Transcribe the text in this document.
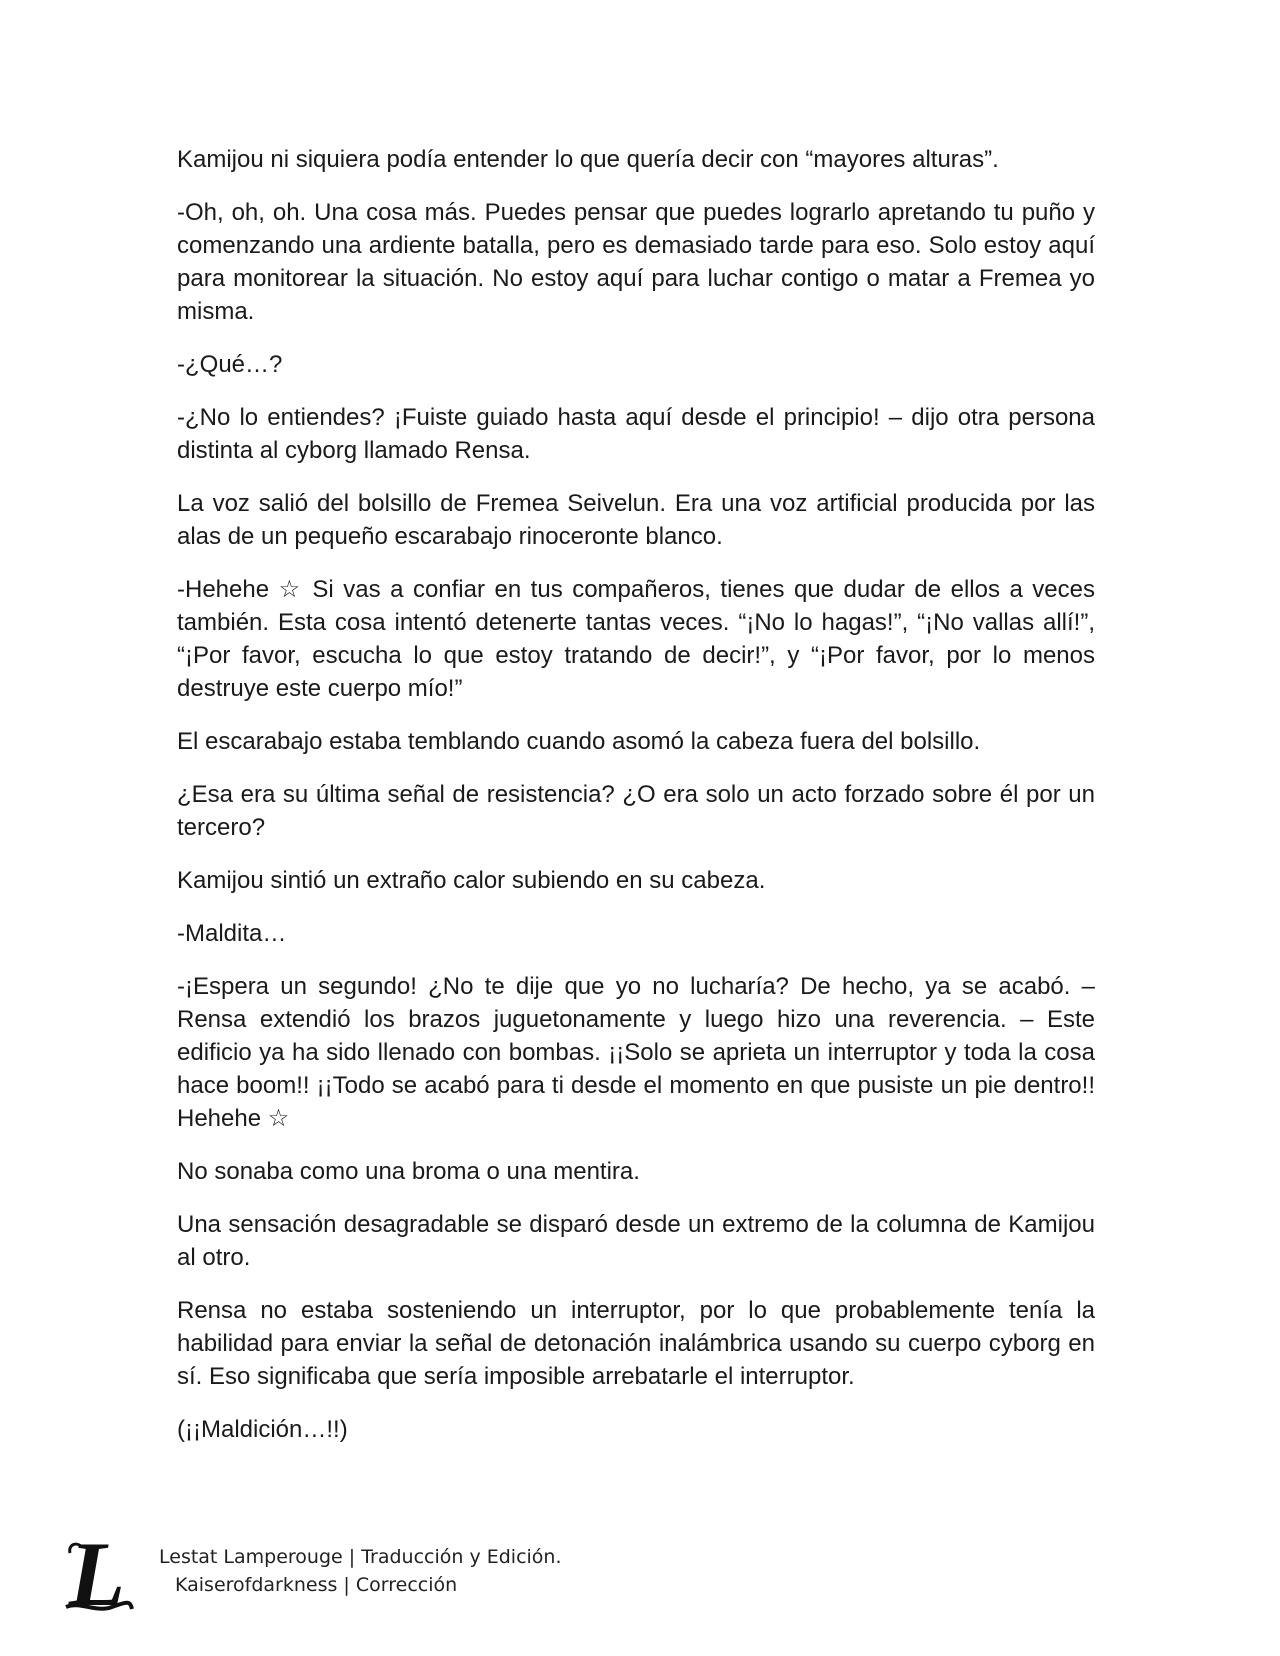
Kamijou ni siquiera podía entender lo que quería decir con “mayores alturas”.

-Oh, oh, oh. Una cosa más. Puedes pensar que puedes lograrlo apretando tu puño y comenzando una ardiente batalla, pero es demasiado tarde para eso. Solo estoy aquí para monitorear la situación. No estoy aquí para luchar contigo o matar a Fremea yo misma.

-¿Qué…?

-¿No lo entiendes? ¡Fuiste guiado hasta aquí desde el principio! – dijo otra persona distinta al cyborg llamado Rensa.

La voz salió del bolsillo de Fremea Seivelun. Era una voz artificial producida por las alas de un pequeño escarabajo rinoceronte blanco.

-Hehehe ☆ Si vas a confiar en tus compañeros, tienes que dudar de ellos a veces también. Esta cosa intentó detenerte tantas veces. “¡No lo hagas!”, “¡No vallas allí!”, “¡Por favor, escucha lo que estoy tratando de decir!”, y “¡Por favor, por lo menos destruye este cuerpo mío!”

El escarabajo estaba temblando cuando asomó la cabeza fuera del bolsillo.

¿Esa era su última señal de resistencia? ¿O era solo un acto forzado sobre él por un tercero?

Kamijou sintió un extraño calor subiendo en su cabeza.

-Maldita…

-¡Espera un segundo! ¿No te dije que yo no lucharía? De hecho, ya se acabó. – Rensa extendió los brazos juguetonamente y luego hizo una reverencia. – Este edificio ya ha sido llenado con bombas. ¡¡Solo se aprieta un interruptor y toda la cosa hace boom!! ¡¡Todo se acabó para ti desde el momento en que pusiste un pie dentro!! Hehehe ☆

No sonaba como una broma o una mentira.

Una sensación desagradable se disparó desde un extremo de la columna de Kamijou al otro.

Rensa no estaba sosteniendo un interruptor, por lo que probablemente tenía la habilidad para enviar la señal de detonación inalámbrica usando su cuerpo cyborg en sí. Eso significaba que sería imposible arrebatarle el interruptor.

(¡¡Maldición…!!)

L Lestat Lamperouge | Traducción y Edición.
Kaiserofdarkness | Corrección
